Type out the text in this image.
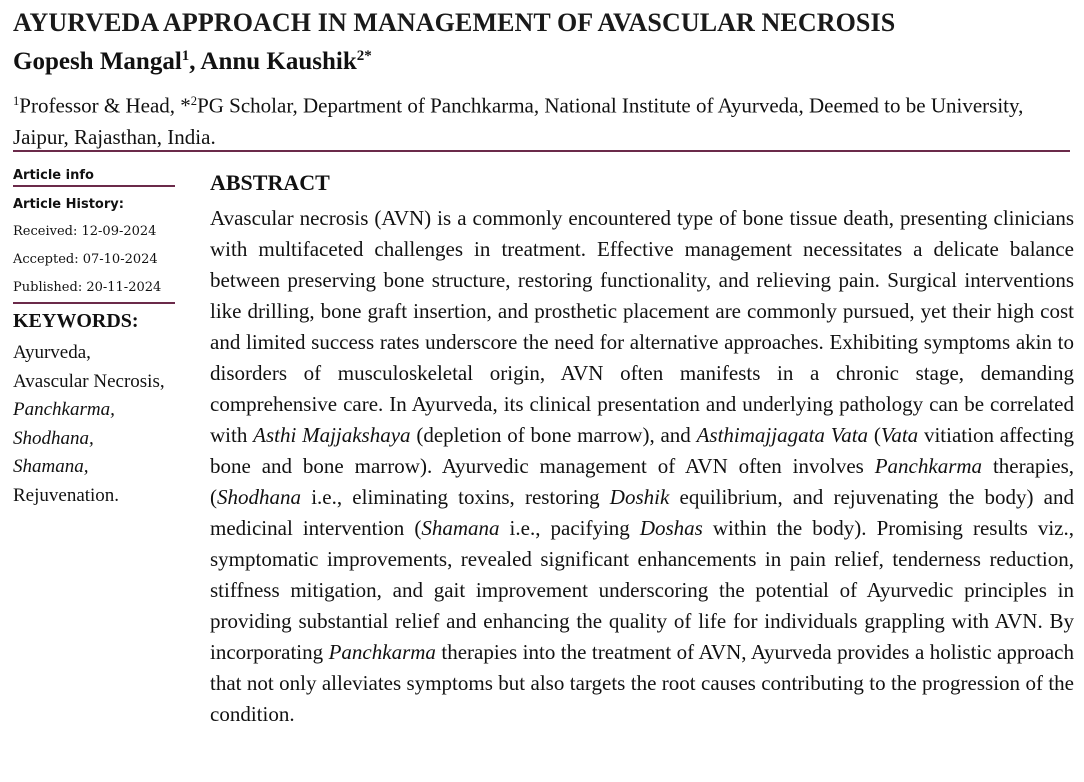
AYURVEDA APPROACH IN MANAGEMENT OF AVASCULAR NECROSIS
Gopesh Mangal$^1$, Annu Kaushik$^{2*}$
$^1$Professor & Head, *$^2$PG Scholar, Department of Panchkarma, National Institute of Ayurveda, Deemed to be University, Jaipur, Rajasthan, India.
Article info
Article History:
Received: 12-09-2024
Accepted: 07-10-2024
Published: 20-11-2024
KEYWORDS:
Ayurveda,
Avascular Necrosis,
Panchkarma,
Shodhana,
Shamana,
Rejuvenation.
ABSTRACT

Avascular necrosis (AVN) is a commonly encountered type of bone tissue death, presenting clinicians with multifaceted challenges in treatment. Effective management necessitates a delicate balance between preserving bone structure, restoring functionality, and relieving pain. Surgical interventions like drilling, bone graft insertion, and prosthetic placement are commonly pursued, yet their high cost and limited success rates underscore the need for alternative approaches. Exhibiting symptoms akin to disorders of musculoskeletal origin, AVN often manifests in a chronic stage, demanding comprehensive care. In Ayurveda, its clinical presentation and underlying pathology can be correlated with Asthi Majjakshaya (depletion of bone marrow), and Asthimajjagata Vata (Vata vitiation affecting bone and bone marrow). Ayurvedic management of AVN often involves Panchkarma therapies, (Shodhana i.e., eliminating toxins, restoring Doshik equilibrium, and rejuvenating the body) and medicinal intervention (Shamana i.e., pacifying Doshas within the body). Promising results viz., symptomatic improvements, revealed significant enhancements in pain relief, tenderness reduction, stiffness mitigation, and gait improvement underscoring the potential of Ayurvedic principles in providing substantial relief and enhancing the quality of life for individuals grappling with AVN. By incorporating Panchkarma therapies into the treatment of AVN, Ayurveda provides a holistic approach that not only alleviates symptoms but also targets the root causes contributing to the progression of the condition.
